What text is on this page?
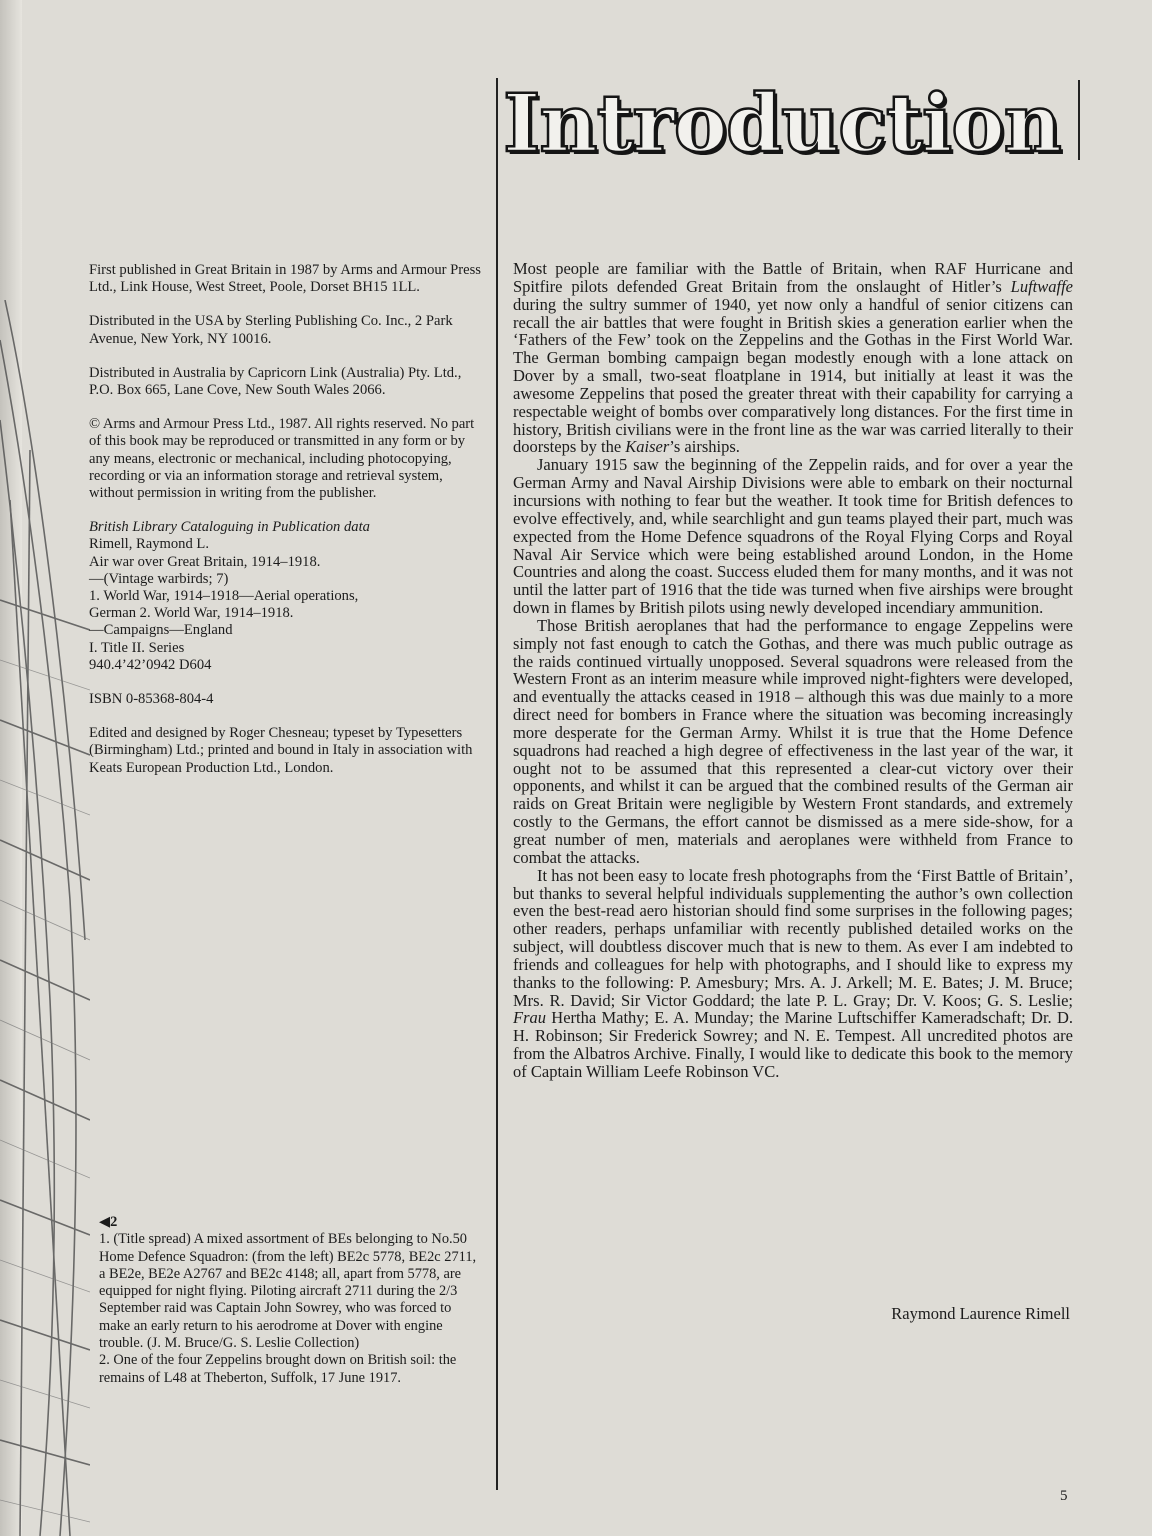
Introduction

First published in Great Britain in 1987 by Arms and Armour Press Ltd., Link House, West Street, Poole, Dorset BH15 1LL.

Distributed in the USA by Sterling Publishing Co. Inc., 2 Park Avenue, New York, NY 10016.

Distributed in Australia by Capricorn Link (Australia) Pty. Ltd., P.O. Box 665, Lane Cove, New South Wales 2066.

© Arms and Armour Press Ltd., 1987. All rights reserved. No part of this book may be reproduced or transmitted in any form or by any means, electronic or mechanical, including photocopying, recording or via an information storage and retrieval system, without permission in writing from the publisher.

British Library Cataloguing in Publication data
Rimell, Raymond L.
Air war over Great Britain, 1914–1918.
—(Vintage warbirds; 7)
1. World War, 1914–1918—Aerial operations,
German 2. World War, 1914–1918.
—Campaigns—England
I. Title II. Series
940.4’42’0942 D604

ISBN 0-85368-804-4

Edited and designed by Roger Chesneau; typeset by Typesetters (Birmingham) Ltd.; printed and bound in Italy in association with Keats European Production Ltd., London.

◀2

1. (Title spread) A mixed assortment of BEs belonging to No.50 Home Defence Squadron: (from the left) BE2c 5778, BE2c 2711, a BE2e, BE2e A2767 and BE2c 4148; all, apart from 5778, are equipped for night flying. Piloting aircraft 2711 during the 2/3 September raid was Captain John Sowrey, who was forced to make an early return to his aerodrome at Dover with engine trouble. (J. M. Bruce/G. S. Leslie Collection)

2. One of the four Zeppelins brought down on British soil: the remains of L48 at Theberton, Suffolk, 17 June 1917.

Most people are familiar with the Battle of Britain, when RAF Hurricane and Spitfire pilots defended Great Britain from the onslaught of Hitler’s Luftwaffe during the sultry summer of 1940, yet now only a handful of senior citizens can recall the air battles that were fought in British skies a generation earlier when the ‘Fathers of the Few’ took on the Zeppelins and the Gothas in the First World War. The German bombing campaign began modestly enough with a lone attack on Dover by a small, two-seat floatplane in 1914, but initially at least it was the awesome Zeppelins that posed the greater threat with their capability for carrying a respectable weight of bombs over comparatively long distances. For the first time in history, British civilians were in the front line as the war was carried literally to their doorsteps by the Kaiser’s airships.

January 1915 saw the beginning of the Zeppelin raids, and for over a year the German Army and Naval Airship Divisions were able to embark on their nocturnal incursions with nothing to fear but the weather. It took time for British defences to evolve effectively, and, while searchlight and gun teams played their part, much was expected from the Home Defence squadrons of the Royal Flying Corps and Royal Naval Air Service which were being established around London, in the Home Countries and along the coast. Success eluded them for many months, and it was not until the latter part of 1916 that the tide was turned when five airships were brought down in flames by British pilots using newly developed incendiary ammunition.

Those British aeroplanes that had the performance to engage Zeppelins were simply not fast enough to catch the Gothas, and there was much public outrage as the raids continued virtually unopposed. Several squadrons were released from the Western Front as an interim measure while improved night-fighters were developed, and eventually the attacks ceased in 1918 – although this was due mainly to a more direct need for bombers in France where the situation was becoming increasingly more desperate for the German Army. Whilst it is true that the Home Defence squadrons had reached a high degree of effectiveness in the last year of the war, it ought not to be assumed that this represented a clear-cut victory over their opponents, and whilst it can be argued that the combined results of the German air raids on Great Britain were negligible by Western Front standards, and extremely costly to the Germans, the effort cannot be dismissed as a mere side-show, for a great number of men, materials and aeroplanes were withheld from France to combat the attacks.

It has not been easy to locate fresh photographs from the ‘First Battle of Britain’, but thanks to several helpful individuals supplementing the author’s own collection even the best-read aero historian should find some surprises in the following pages; other readers, perhaps unfamiliar with recently published detailed works on the subject, will doubtless discover much that is new to them. As ever I am indebted to friends and colleagues for help with photographs, and I should like to express my thanks to the following: P. Amesbury; Mrs. A. J. Arkell; M. E. Bates; J. M. Bruce; Mrs. R. David; Sir Victor Goddard; the late P. L. Gray; Dr. V. Koos; G. S. Leslie; Frau Hertha Mathy; E. A. Munday; the Marine Luftschiffer Kameradschaft; Dr. D. H. Robinson; Sir Frederick Sowrey; and N. E. Tempest. All uncredited photos are from the Albatros Archive. Finally, I would like to dedicate this book to the memory of Captain William Leefe Robinson VC.

Raymond Laurence Rimell
5
